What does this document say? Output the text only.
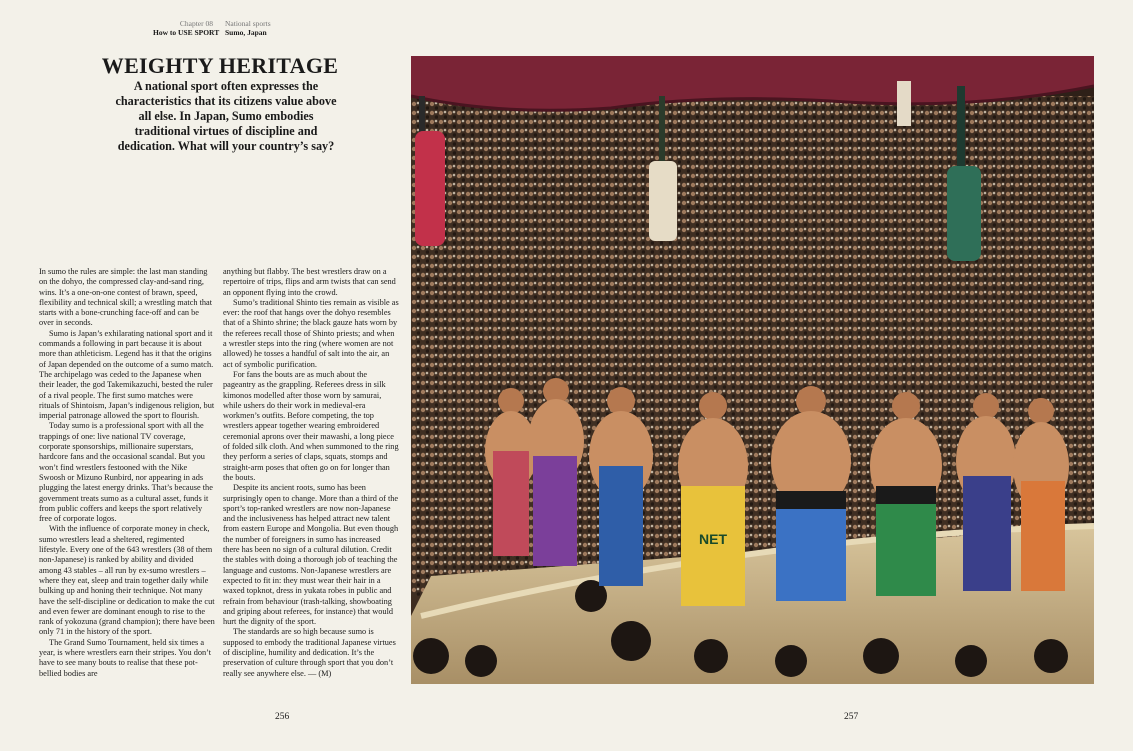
Chapter 08
How to USE SPORT
National sports
Sumo, Japan
WEIGHTY HERITAGE

A national sport often expresses the characteristics that its citizens value above all else. In Japan, Sumo embodies traditional virtues of discipline and dedication. What will your country’s say?

In sumo the rules are simple: the last man standing on the dohyo, the compressed clay-and-sand ring, wins. It’s a one-on-one contest of brawn, speed, flexibility and technical skill; a wrestling match that starts with a bone-crunching face-off and can be over in seconds.

Sumo is Japan’s exhilarating national sport and it commands a following in part because it is about more than athleticism. Legend has it that the origins of Japan depended on the outcome of a sumo match. The archipelago was ceded to the Japanese when their leader, the god Takemikazuchi, bested the ruler of a rival people. The first sumo matches were rituals of Shintoism, Japan’s indigenous religion, but imperial patronage allowed the sport to flourish.

Today sumo is a professional sport with all the trappings of one: live national TV coverage, corporate sponsorships, millionaire superstars, hardcore fans and the occasional scandal. But you won’t find wrestlers festooned with the Nike Swoosh or Mizuno Runbird, nor appearing in ads plugging the latest energy drinks. That’s because the government treats sumo as a cultural asset, funds it from public coffers and keeps the sport relatively free of corporate logos.

With the influence of corporate money in check, sumo wrestlers lead a sheltered, regimented lifestyle. Every one of the 643 wrestlers (38 of them non-Japanese) is ranked by ability and divided among 43 stables – all run by ex-sumo wrestlers – where they eat, sleep and train together daily while bulking up and honing their technique. Not many have the self-discipline or dedication to make the cut and even fewer are dominant enough to rise to the rank of yokozuna (grand champion); there have been only 71 in the history of the sport.

The Grand Sumo Tournament, held six times a year, is where wrestlers earn their stripes. You don’t have to see many bouts to realise that these pot-bellied bodies are

anything but flabby. The best wrestlers draw on a repertoire of trips, flips and arm twists that can send an opponent flying into the crowd.

Sumo’s traditional Shinto ties remain as visible as ever: the roof that hangs over the dohyo resembles that of a Shinto shrine; the black gauze hats worn by the referees recall those of Shinto priests; and when a wrestler steps into the ring (where women are not allowed) he tosses a handful of salt into the air, an act of symbolic purification.

For fans the bouts are as much about the pageantry as the grappling. Referees dress in silk kimonos modelled after those worn by samurai, while ushers do their work in medieval-era workmen’s outfits. Before competing, the top wrestlers appear together wearing embroidered ceremonial aprons over their mawashi, a long piece of folded silk cloth. And when summoned to the ring they perform a series of claps, squats, stomps and straight-arm poses that often go on for longer than the bouts.

Despite its ancient roots, sumo has been surprisingly open to change. More than a third of the sport’s top-ranked wrestlers are now non-Japanese and the inclusiveness has helped attract new talent from eastern Europe and Mongolia. But even though the number of foreigners in sumo has increased there has been no sign of a cultural dilution. Credit the stables with doing a thorough job of teaching the language and customs. Non-Japanese wrestlers are expected to fit in: they must wear their hair in a waxed topknot, dress in yukata robes in public and refrain from behaviour (trash-talking, showboating and griping about referees, for instance) that would hurt the dignity of the sport.

The standards are so high because sumo is supposed to embody the traditional Japanese virtues of discipline, humility and dedication. It’s the preservation of culture through sport that you don’t really see anywhere else. — (M)

256	257
NET
